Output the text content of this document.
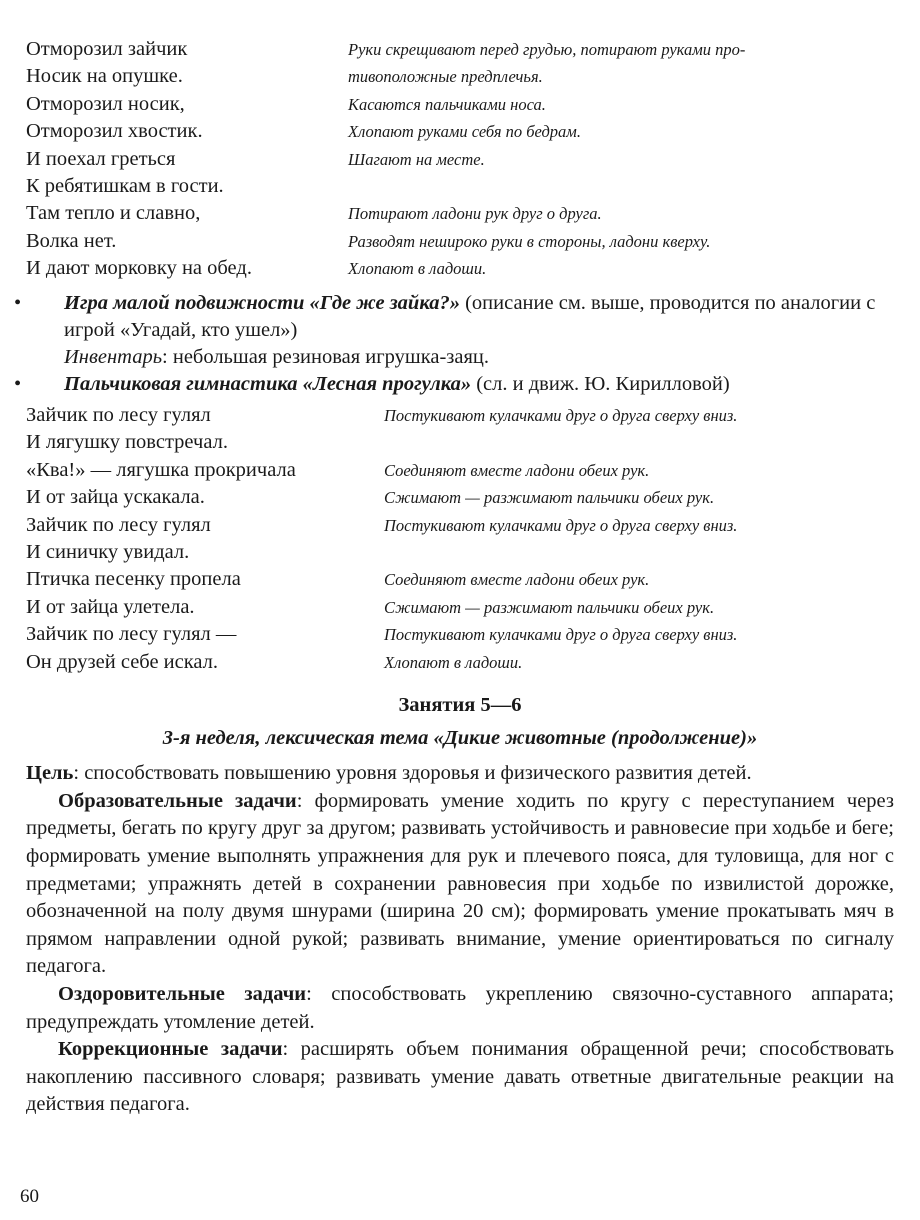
Отморозил зайчик	Руки скрещивают перед грудью, потирают руками про-
Носик на опушке.	тивоположные предплечья.
Отморозил носик,	Касаются пальчиками носа.
Отморозил хвостик.	Хлопают руками себя по бедрам.
И поехал греться	Шагают на месте.
К ребятишкам в гости.
Там тепло и славно,	Потирают ладони рук друг о друга.
Волка нет.	Разводят нешироко руки в стороны, ладони кверху.
И дают морковку на обед.	Хлопают в ладоши.
• Игра малой подвижности «Где же зайка?» (описание см. выше, проводится по аналогии с игрой «Угадай, кто ушел»)
Инвентарь: небольшая резиновая игрушка-заяц.
• Пальчиковая гимнастика «Лесная прогулка» (сл. и движ. Ю. Кирилловой)
Зайчик по лесу гулял	Постукивают кулачками друг о друга сверху вниз.
И лягушку повстречал.
«Ква!» — лягушка прокричала	Соединяют вместе ладони обеих рук.
И от зайца ускакала.	Сжимают — разжимают пальчики обеих рук.
Зайчик по лесу гулял	Постукивают кулачками друг о друга сверху вниз.
И синичку увидал.
Птичка песенку пропела	Соединяют вместе ладони обеих рук.
И от зайца улетела.	Сжимают — разжимают пальчики обеих рук.
Зайчик по лесу гулял —	Постукивают кулачками друг о друга сверху вниз.
Он друзей себе искал.	Хлопают в ладоши.
Занятия 5—6
3-я неделя, лексическая тема «Дикие животные (продолжение)»

Цель: способствовать повышению уровня здоровья и физического развития детей.

Образовательные задачи: формировать умение ходить по кругу с переступанием через предметы, бегать по кругу друг за другом; развивать устойчивость и равновесие при ходьбе и беге; формировать умение выполнять упражнения для рук и плечевого пояса, для туловища, для ног с предметами; упражнять детей в сохранении равновесия при ходьбе по извилистой дорожке, обозначенной на полу двумя шнурами (ширина 20 см); формировать умение прокатывать мяч в прямом направлении одной рукой; развивать внимание, умение ориентироваться по сигналу педагога.

Оздоровительные задачи: способствовать укреплению связочно-суставного аппарата; предупреждать утомление детей.

Коррекционные задачи: расширять объем понимания обращенной речи; способствовать накоплению пассивного словаря; развивать умение давать ответные двигательные реакции на действия педагога.

60
